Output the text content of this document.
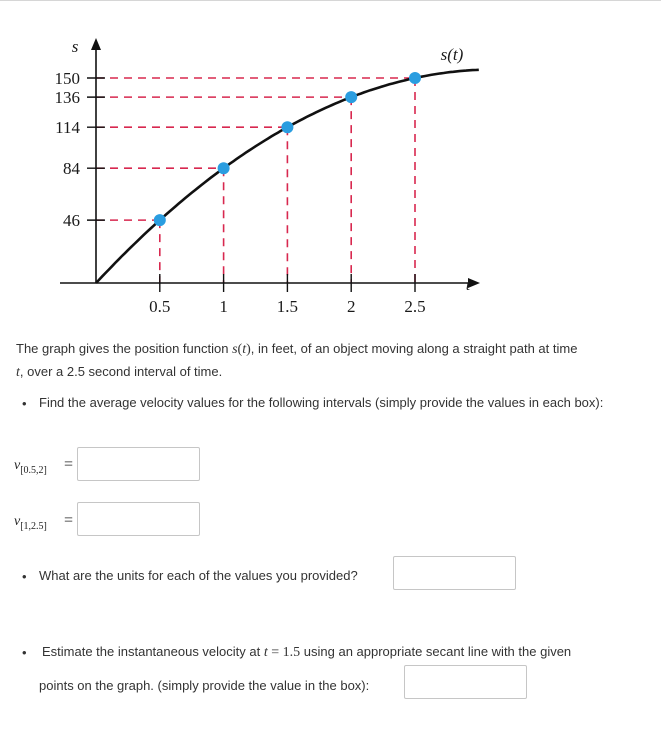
46
84
114
136
150
0.5	1	1.5	2	2.5
s
t
s(t)
The graph gives the position function s(t), in feet, of an object moving along a straight path at time
t, over a 2.5 second interval of time.
• Find the average velocity values for the following intervals (simply provide the values in each box):
$v_{[0.5,2]}$ =
$v_{[1,2.5]}$ =
• What are the units for each of the values you provided?
• Estimate the instantaneous velocity at t = 1.5 using an appropriate secant line with the given
points on the graph. (simply provide the value in the box):
